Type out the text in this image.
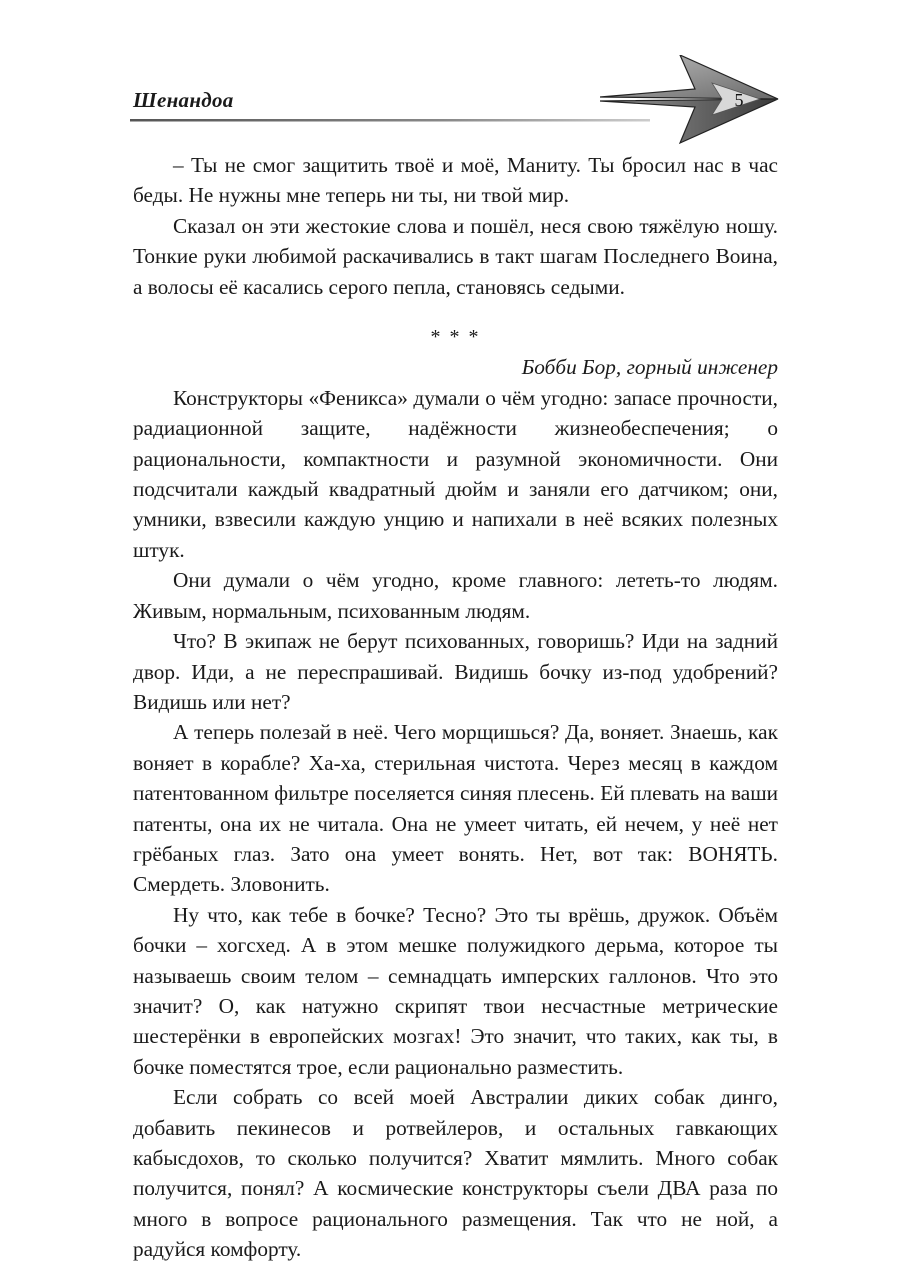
Шенандоа	5

– Ты не смог защитить твоё и моё, Маниту. Ты бросил нас в час беды. Не нужны мне теперь ни ты, ни твой мир.

Сказал он эти жестокие слова и пошёл, неся свою тяжёлую ношу. Тонкие руки любимой раскачивались в такт шагам Последнего Воина, а волосы её касались серого пепла, становясь седыми.

* * *

Бобби Бор, горный инженер

Конструкторы «Феникса» думали о чём угодно: запасе прочности, радиационной защите, надёжности жизнеобеспечения; о рациональности, компактности и разумной экономичности. Они подсчитали каждый квадратный дюйм и заняли его датчиком; они, умники, взвесили каждую унцию и напихали в неё всяких полезных штук.

Они думали о чём угодно, кроме главного: лететь-то людям. Живым, нормальным, психованным людям.

Что? В экипаж не берут психованных, говоришь? Иди на задний двор. Иди, а не переспрашивай. Видишь бочку из-под удобрений? Видишь или нет?

А теперь полезай в неё. Чего морщишься? Да, воняет. Знаешь, как воняет в корабле? Ха-ха, стерильная чистота. Через месяц в каждом патентованном фильтре поселяется синяя плесень. Ей плевать на ваши патенты, она их не читала. Она не умеет читать, ей нечем, у неё нет грёбаных глаз. Зато она умеет вонять. Нет, вот так: ВОНЯТЬ. Смердеть. Зловонить.

Ну что, как тебе в бочке? Тесно? Это ты врёшь, дружок. Объём бочки – хогсхед. А в этом мешке полужидкого дерьма, которое ты называешь своим телом – семнадцать имперских галлонов. Что это значит? О, как натужно скрипят твои несчастные метрические шестерёнки в европейских мозгах! Это значит, что таких, как ты, в бочке поместятся трое, если рационально разместить.

Если собрать со всей моей Австралии диких собак динго, добавить пекинесов и ротвейлеров, и остальных гавкающих кабысдохов, то сколько получится? Хватит мямлить. Много собак получится, понял? А космические конструкторы съели ДВА раза по много в вопросе рационального размещения. Так что не ной, а радуйся комфорту.
